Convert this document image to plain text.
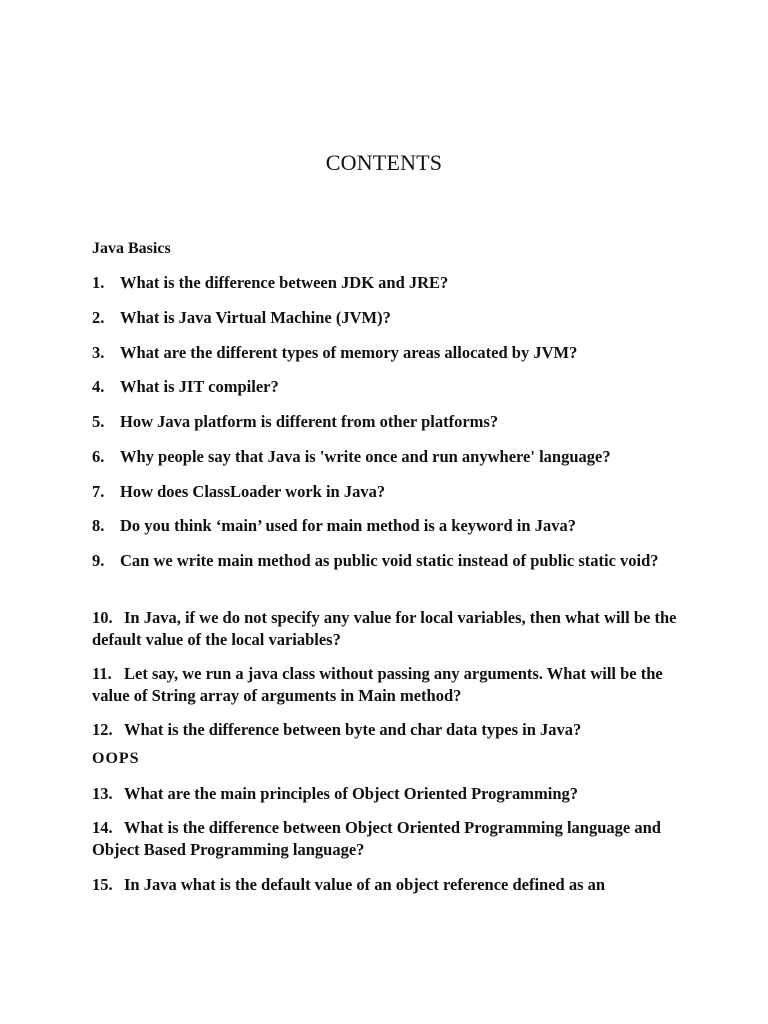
CONTENTS
Java Basics
1. What is the difference between JDK and JRE?
2. What is Java Virtual Machine (JVM)?
3. What are the different types of memory areas allocated by JVM?
4. What is JIT compiler?
5. How Java platform is different from other platforms?
6. Why people say that Java is 'write once and run anywhere' language?
7. How does ClassLoader work in Java?
8. Do you think ‘main’ used for main method is a keyword in Java?
9. Can we write main method as public void static instead of public static void?
10. In Java, if we do not specify any value for local variables, then what will be the default value of the local variables?
11. Let say, we run a java class without passing any arguments. What will be the value of String array of arguments in Main method?
12. What is the difference between byte and char data types in Java?
OOPS
13. What are the main principles of Object Oriented Programming?
14. What is the difference between Object Oriented Programming language and Object Based Programming language?
15. In Java what is the default value of an object reference defined as an
